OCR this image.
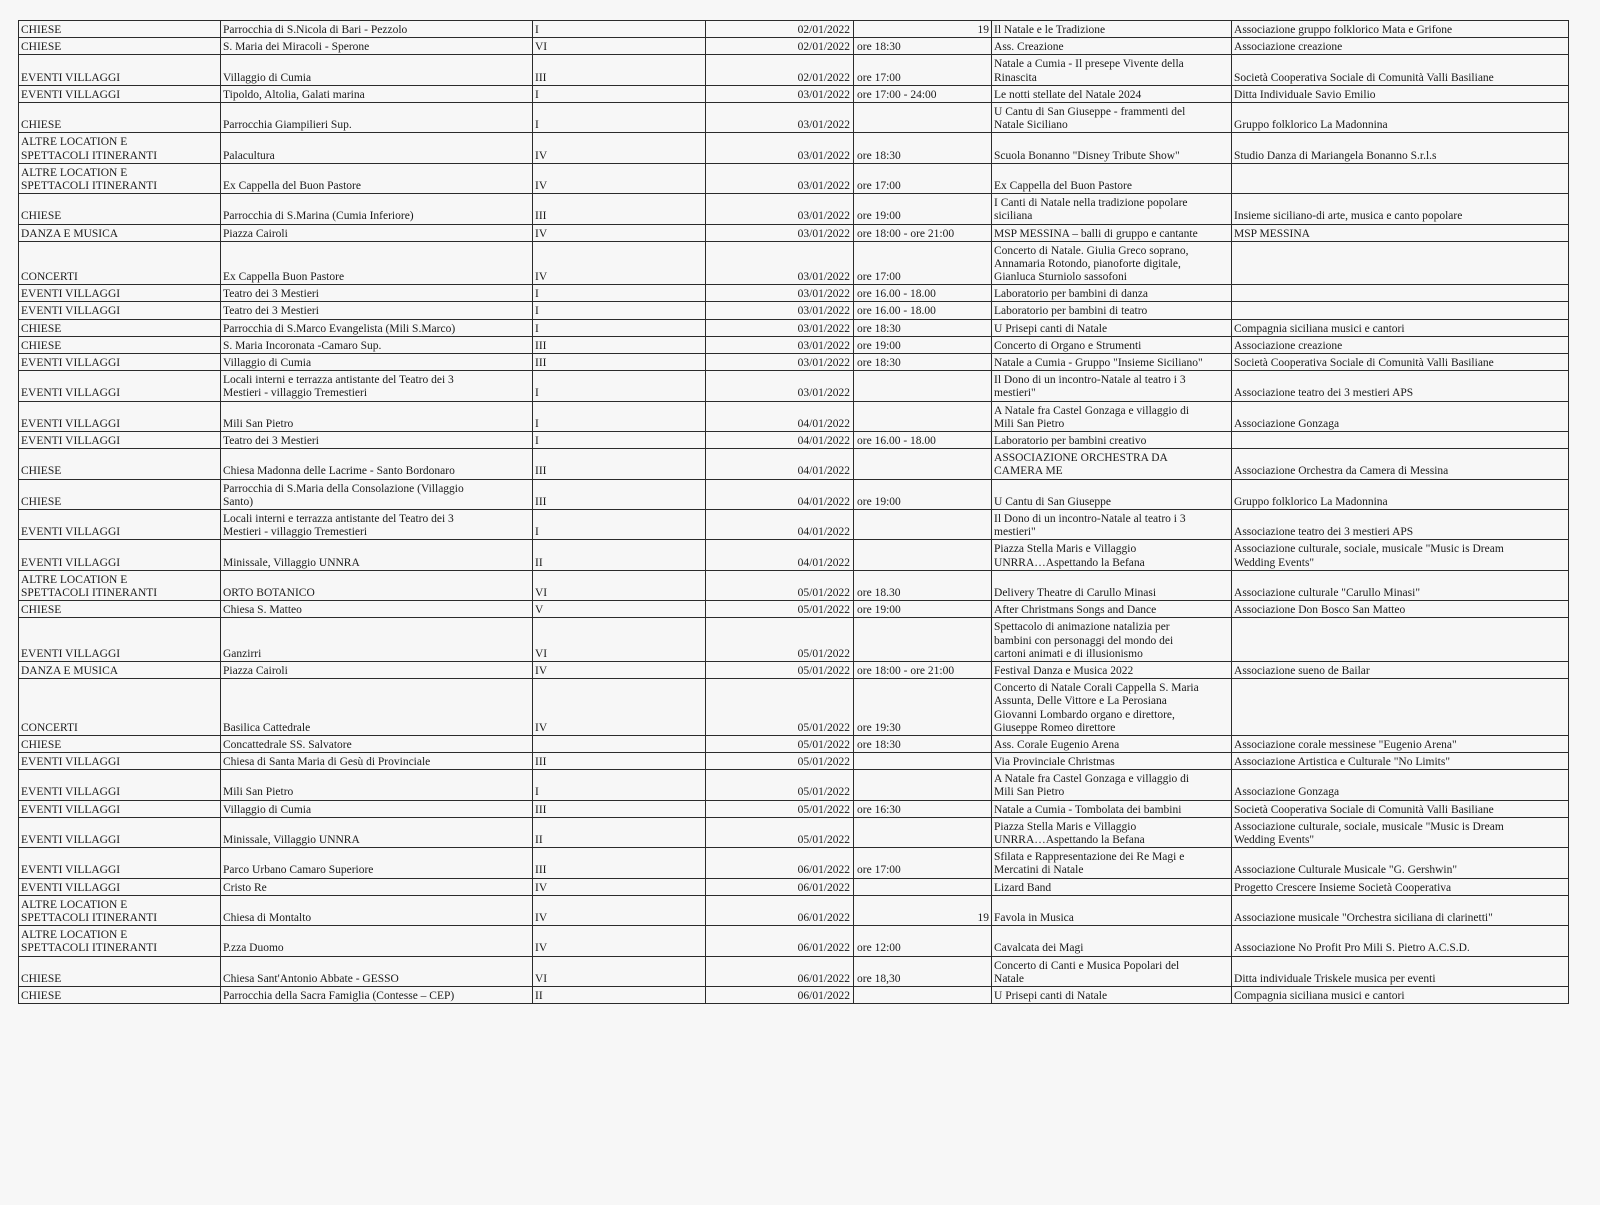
CHIESE	Parrocchia di S.Nicola di Bari - Pezzolo	I	02/01/2022	19	Il Natale e le Tradizione	Associazione gruppo folklorico Mata e Grifone
CHIESE	S. Maria dei Miracoli - Sperone	VI	02/01/2022	ore 18:30	Ass. Creazione	Associazione creazione
EVENTI VILLAGGI	Villaggio di Cumia	III	02/01/2022	ore 17:00	Natale a Cumia - Il presepe Vivente della
Rinascita	Società Cooperativa Sociale di Comunità Valli Basiliane
EVENTI VILLAGGI	Tipoldo, Altolia, Galati marina	I	03/01/2022	ore 17:00 - 24:00	Le notti stellate del Natale 2024	Ditta Individuale Savio Emilio
CHIESE	Parrocchia Giampilieri Sup.	I	03/01/2022		U Cantu di San Giuseppe - frammenti del
Natale Siciliano	Gruppo folklorico La Madonnina
ALTRE LOCATION E
SPETTACOLI ITINERANTI	Palacultura	IV	03/01/2022	ore 18:30	Scuola Bonanno "Disney Tribute Show"	Studio Danza di Mariangela Bonanno S.r.l.s
ALTRE LOCATION E
SPETTACOLI ITINERANTI	Ex Cappella del Buon Pastore	IV	03/01/2022	ore 17:00	Ex Cappella del Buon Pastore	
CHIESE	Parrocchia di S.Marina (Cumia Inferiore)	III	03/01/2022	ore 19:00	I Canti di Natale nella tradizione popolare
siciliana	Insieme siciliano-di arte, musica e canto popolare
DANZA E MUSICA	Piazza Cairoli	IV	03/01/2022	ore 18:00 - ore 21:00	MSP MESSINA – balli di gruppo e cantante	MSP MESSINA
CONCERTI	Ex Cappella Buon Pastore	IV	03/01/2022	ore 17:00	Concerto di Natale. Giulia Greco soprano,
Annamaria Rotondo, pianoforte digitale,
Gianluca Sturniolo sassofoni	
EVENTI VILLAGGI	Teatro dei 3 Mestieri	I	03/01/2022	ore 16.00 - 18.00	Laboratorio per bambini di danza	
EVENTI VILLAGGI	Teatro dei 3 Mestieri	I	03/01/2022	ore 16.00 - 18.00	Laboratorio per bambini di teatro	
CHIESE	Parrocchia di S.Marco Evangelista (Mili S.Marco)	I	03/01/2022	ore 18:30	U Prisepi canti di Natale	Compagnia siciliana musici e cantori
CHIESE	S. Maria Incoronata -Camaro Sup.	III	03/01/2022	ore 19:00	Concerto di Organo e Strumenti	Associazione creazione
EVENTI VILLAGGI	Villaggio di Cumia	III	03/01/2022	ore 18:30	Natale a Cumia - Gruppo "Insieme Siciliano"	Società Cooperativa Sociale di Comunità Valli Basiliane
EVENTI VILLAGGI	Locali interni e terrazza antistante del Teatro dei 3
Mestieri - villaggio Tremestieri	I	03/01/2022		Il Dono di un incontro-Natale al teatro i 3
mestieri"	Associazione teatro dei 3 mestieri APS
EVENTI VILLAGGI	Mili San Pietro	I	04/01/2022		A Natale fra Castel Gonzaga e villaggio di
Mili San Pietro	Associazione Gonzaga
EVENTI VILLAGGI	Teatro dei 3 Mestieri	I	04/01/2022	ore 16.00 - 18.00	Laboratorio per bambini creativo	
CHIESE	Chiesa Madonna delle Lacrime - Santo Bordonaro	III	04/01/2022		ASSOCIAZIONE ORCHESTRA DA
CAMERA ME	Associazione Orchestra da Camera di Messina
CHIESE	Parrocchia di S.Maria della Consolazione (Villaggio
Santo)	III	04/01/2022	ore 19:00	U Cantu di San Giuseppe	Gruppo folklorico La Madonnina
EVENTI VILLAGGI	Locali interni e terrazza antistante del Teatro dei 3
Mestieri - villaggio Tremestieri	I	04/01/2022		Il Dono di un incontro-Natale al teatro i 3
mestieri"	Associazione teatro dei 3 mestieri APS
EVENTI VILLAGGI	Minissale, Villaggio UNNRA	II	04/01/2022		Piazza Stella Maris e Villaggio
UNRRA…Aspettando la Befana	Associazione culturale, sociale, musicale "Music is Dream
Wedding Events"
ALTRE LOCATION E
SPETTACOLI ITINERANTI	ORTO BOTANICO	VI	05/01/2022	ore 18.30	Delivery Theatre di Carullo Minasi	Associazione culturale "Carullo Minasi"
CHIESE	Chiesa S. Matteo	V	05/01/2022	ore 19:00	After Christmans Songs and Dance	Associazione Don Bosco San Matteo
EVENTI VILLAGGI	Ganzirri	VI	05/01/2022		Spettacolo di animazione natalizia per
bambini con personaggi del mondo dei
cartoni animati e di illusionismo	
DANZA E MUSICA	Piazza Cairoli	IV	05/01/2022	ore 18:00 - ore 21:00	Festival Danza e Musica 2022	Associazione sueno de Bailar
CONCERTI	Basilica Cattedrale	IV	05/01/2022	ore 19:30	Concerto di Natale Corali Cappella S. Maria
Assunta, Delle Vittore e La Perosiana
Giovanni Lombardo organo e direttore,
Giuseppe Romeo direttore	
CHIESE	Concattedrale SS. Salvatore		05/01/2022	ore 18:30	Ass. Corale Eugenio Arena	Associazione corale messinese "Eugenio Arena"
EVENTI VILLAGGI	Chiesa di Santa Maria di Gesù di Provinciale	III	05/01/2022		Via Provinciale Christmas	Associazione Artistica e Culturale "No Limits"
EVENTI VILLAGGI	Mili San Pietro	I	05/01/2022		A Natale fra Castel Gonzaga e villaggio di
Mili San Pietro	Associazione Gonzaga
EVENTI VILLAGGI	Villaggio di Cumia	III	05/01/2022	ore 16:30	Natale a Cumia - Tombolata dei bambini	Società Cooperativa Sociale di Comunità Valli Basiliane
EVENTI VILLAGGI	Minissale, Villaggio UNNRA	II	05/01/2022		Piazza Stella Maris e Villaggio
UNRRA…Aspettando la Befana	Associazione culturale, sociale, musicale "Music is Dream
Wedding Events"
EVENTI VILLAGGI	Parco Urbano Camaro Superiore	III	06/01/2022	ore 17:00	Sfilata e Rappresentazione dei Re Magi e
Mercatini di Natale	Associazione Culturale Musicale "G. Gershwin"
EVENTI VILLAGGI	Cristo Re	IV	06/01/2022		Lizard Band	Progetto Crescere Insieme Società Cooperativa
ALTRE LOCATION E
SPETTACOLI ITINERANTI	Chiesa di Montalto	IV	06/01/2022	19	Favola in Musica	Associazione musicale "Orchestra siciliana di clarinetti"
ALTRE LOCATION E
SPETTACOLI ITINERANTI	P.zza Duomo	IV	06/01/2022	ore 12:00	Cavalcata dei Magi	Associazione No Profit Pro Mili S. Pietro A.C.S.D.
CHIESE	Chiesa Sant'Antonio Abbate - GESSO	VI	06/01/2022	ore 18,30	Concerto di Canti e Musica Popolari del
Natale	Ditta individuale Triskele musica per eventi
CHIESE	Parrocchia della Sacra Famiglia (Contesse – CEP)	II	06/01/2022		U Prisepi canti di Natale	Compagnia siciliana musici e cantori
